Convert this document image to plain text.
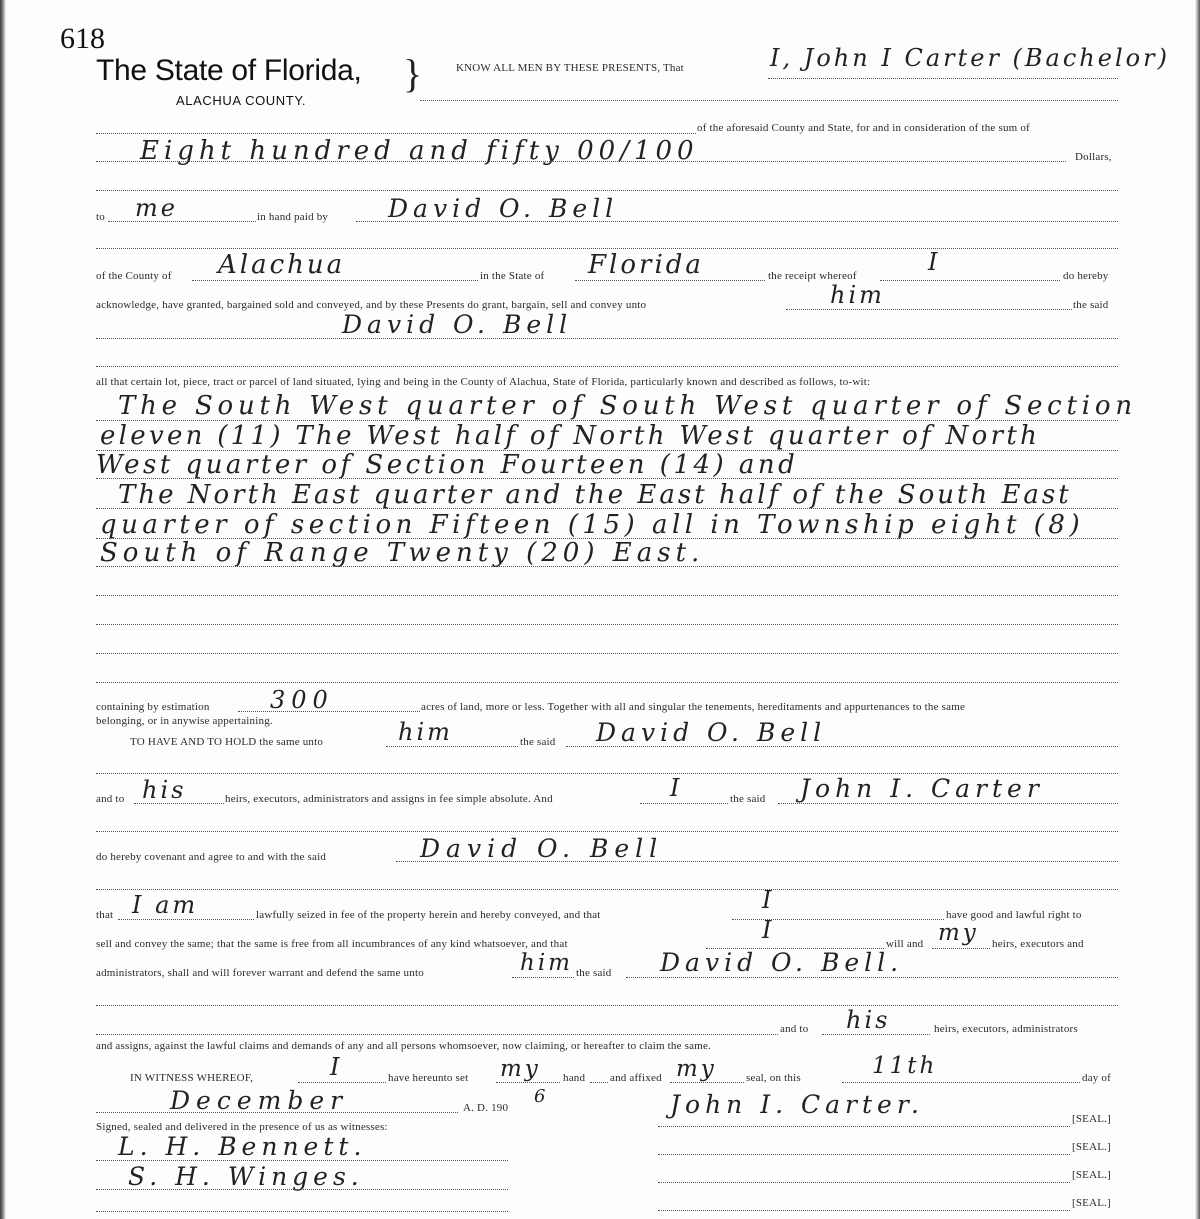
618
The State of Florida, }
ALACHUA COUNTY.
KNOW ALL MEN BY THESE PRESENTS, That	I, John I Carter (Bachelor)
of the aforesaid County and State, for and in consideration of the sum of
Eight hundred and fifty 00/100	Dollars,
to me	in hand paid by David O. Bell
of the County of Alachua	in the State of Florida	the receipt whereof	I	do hereby
acknowledge, have granted, bargained sold and conveyed, and by these Presents do grant, bargain, sell and convey unto	him	the said
David O. Bell
all that certain lot, piece, tract or parcel of land situated, lying and being in the County of Alachua, State of Florida, particularly known and described as follows, to-wit:
The South West quarter of South West quarter of Section
eleven (11) The West half of North West quarter of North
West quarter of Section Fourteen (14) and
The North East quarter and the East half of the South East
quarter of section Fifteen (15) all in Township eight (8)
South of Range Twenty (20) East.
containing by estimation	300	acres of land, more or less. Together with all and singular the tenements, hereditaments and appurtenances to the same
belonging, or in anywise appertaining.
TO HAVE AND TO HOLD the same unto	him	the said David O. Bell
and to his	heirs, executors, administrators and assigns in fee simple absolute. And	I	the said John I. Carter
do hereby covenant and agree to and with the said	David O. Bell
that I am	lawfully seized in fee of the property herein and hereby conveyed, and that
I
have good and lawful right to
sell and convey the same; that the same is free from all incumbrances of any kind whatsoever, and that	I	will and my heirs, executors and
administrators, shall and will forever warrant and defend the same unto	him the said David O. Bell.
his
and to	heirs, executors, administrators
and assigns, against the lawful claims and demands of any and all persons whomsoever, now claiming, or hereafter to claim the same.
IN WITNESS WHEREOF,	I	have hereunto set my hand and affixed my	seal, on this	11th	day of
December	A. D. 190
6	John I. Carter.	[SEAL.]
Signed, sealed and delivered in the presence of us as witnesses:
L. H. Bennett.	[SEAL.]
S. H. Winges.	[SEAL.]
[SEAL.]
